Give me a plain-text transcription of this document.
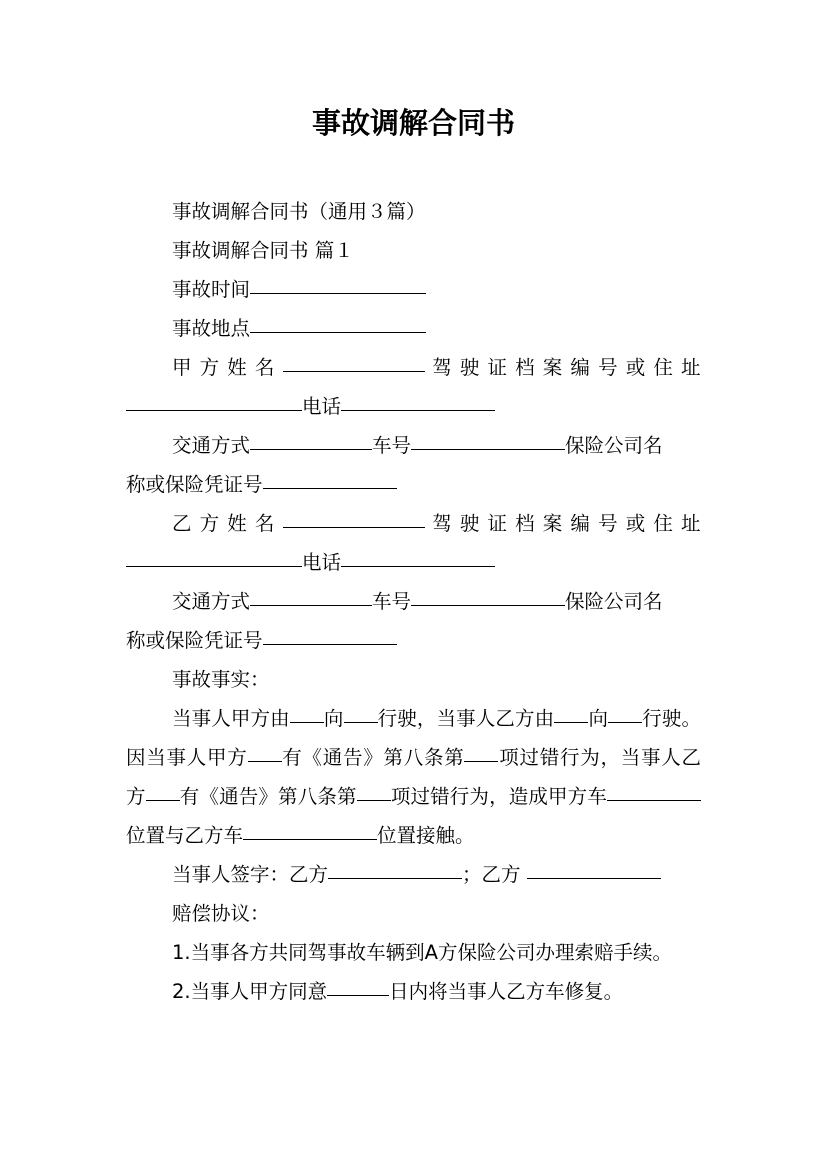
事故调解合同书

事故调解合同书（通用３篇）

事故调解合同书 篇１

事故时间

事故地点

甲方姓名	驾驶证档案编号或住址

电话

交通方式	车号	保险公司名

称或保险凭证号

乙方姓名	驾驶证档案编号或住址

电话

交通方式	车号	保险公司名

称或保险凭证号

事故事实：

当事人甲方由 向 行驶，当事人乙方由 向 行驶。因当事人甲方 有《通告》第八条第 项过错行为，当事人乙方 有《通告》第八条第 项过错行为，造成甲方车位置与乙方车	位置接触。

当事人签字：乙方	；乙方

赔偿协议：

1.当事各方共同驾事故车辆到A方保险公司办理索赔手续。

2.当事人甲方同意	日内将当事人乙方车修复。
